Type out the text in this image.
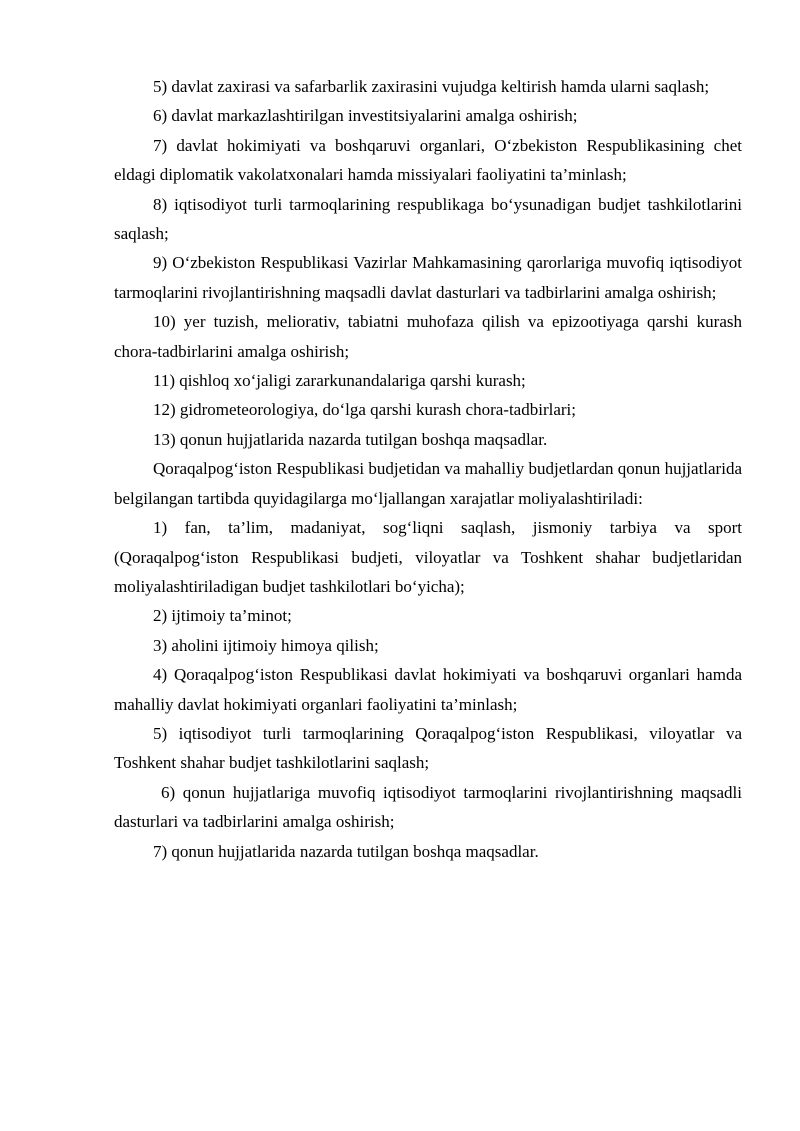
5) davlat zaxirasi va safarbarlik zaxirasini vujudga keltirish hamda ularni saqlash;

6) davlat markazlashtirilgan investitsiyalarini amalga oshirish;

7) davlat hokimiyati va boshqaruvi organlari, O‘zbekiston Respublikasining chet eldagi diplomatik vakolatxonalari hamda missiyalari faoliyatini ta’minlash;

8) iqtisodiyot turli tarmoqlarining respublikaga bo‘ysunadigan budjet tashkilotlarini saqlash;

9) O‘zbekiston Respublikasi Vazirlar Mahkamasining qarorlariga muvofiq iqtisodiyot tarmoqlarini rivojlantirishning maqsadli davlat dasturlari va tadbirlarini amalga oshirish;

10) yer tuzish, meliorativ, tabiatni muhofaza qilish va epizootiyaga qarshi kurash chora-tadbirlarini amalga oshirish;

11) qishloq xo‘jaligi zararkunandalariga qarshi kurash;

12) gidrometeorologiya, do‘lga qarshi kurash chora-tadbirlari;

13) qonun hujjatlarida nazarda tutilgan boshqa maqsadlar.

Qoraqalpog‘iston Respublikasi budjetidan va mahalliy budjetlardan qonun hujjatlarida belgilangan tartibda quyidagilarga mo‘ljallangan xarajatlar moliyalashtiriladi:

1) fan, ta’lim, madaniyat, sog‘liqni saqlash, jismoniy tarbiya va sport (Qoraqalpog‘iston Respublikasi budjeti, viloyatlar va Toshkent shahar budjetlaridan moliyalashtiriladigan budjet tashkilotlari bo‘yicha);

2) ijtimoiy ta’minot;

3) aholini ijtimoiy himoya qilish;

4) Qoraqalpog‘iston Respublikasi davlat hokimiyati va boshqaruvi organlari hamda mahalliy davlat hokimiyati organlari faoliyatini ta’minlash;

5) iqtisodiyot turli tarmoqlarining Qoraqalpog‘iston Respublikasi, viloyatlar va Toshkent shahar budjet tashkilotlarini saqlash;

6) qonun hujjatlariga muvofiq iqtisodiyot tarmoqlarini rivojlantirishning maqsadli dasturlari va tadbirlarini amalga oshirish;

7) qonun hujjatlarida nazarda tutilgan boshqa maqsadlar.
